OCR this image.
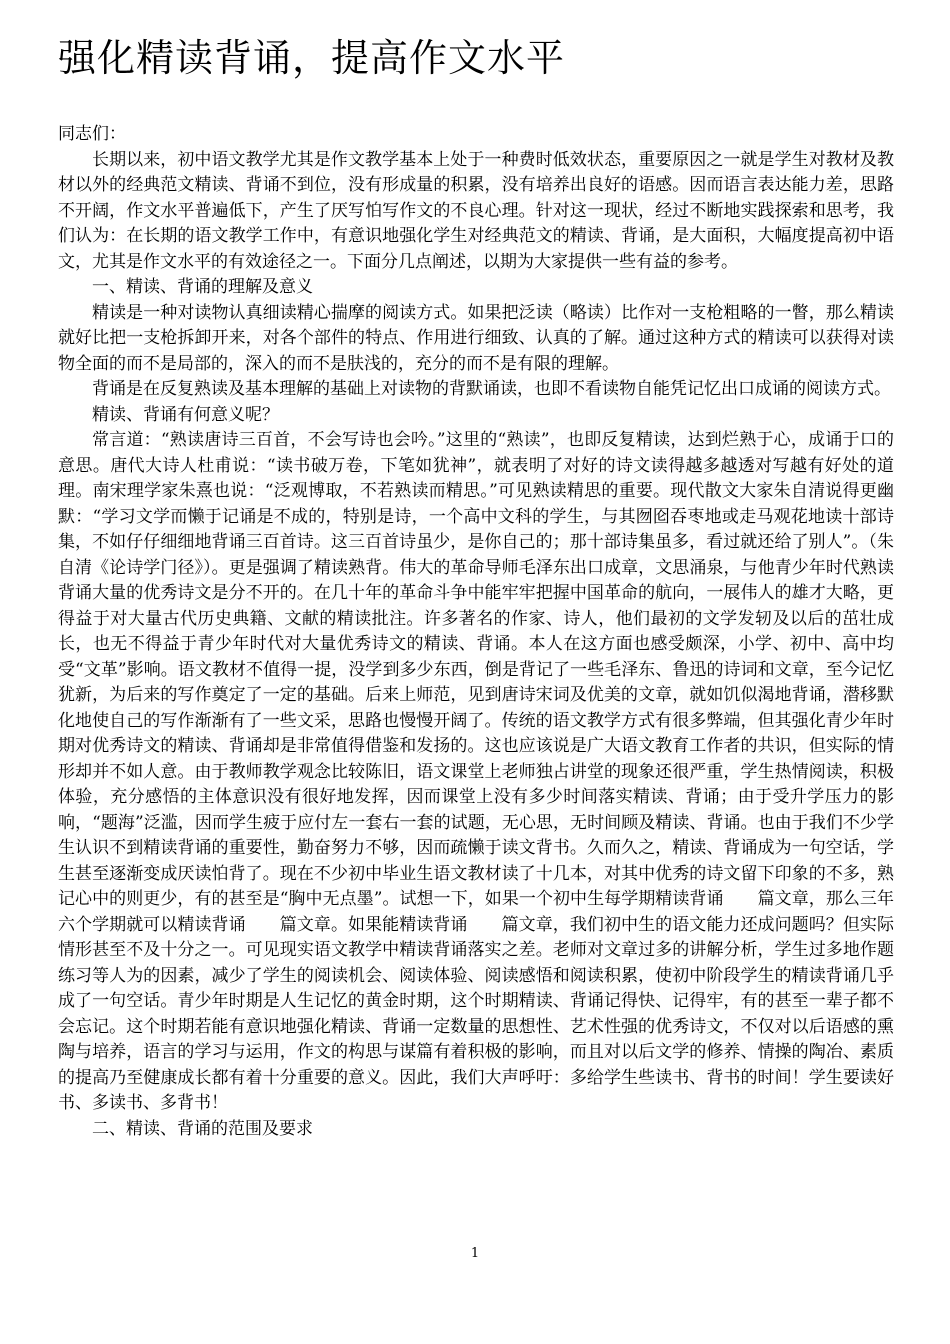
强化精读背诵，提高作文水平

同志们：

长期以来，初中语文教学尤其是作文教学基本上处于一种费时低效状态，重要原因之一就是学生对教材及教材以外的经典范文精读、背诵不到位，没有形成量的积累，没有培养出良好的语感。因而语言表达能力差，思路不开阔，作文水平普遍低下，产生了厌写怕写作文的不良心理。针对这一现状，经过不断地实践探索和思考，我们认为：在长期的语文教学工作中，有意识地强化学生对经典范文的精读、背诵，是大面积，大幅度提高初中语文，尤其是作文水平的有效途径之一。下面分几点阐述，以期为大家提供一些有益的参考。

一、精读、背诵的理解及意义

精读是一种对读物认真细读精心揣摩的阅读方式。如果把泛读（略读）比作对一支枪粗略的一瞥，那么精读就好比把一支枪拆卸开来，对各个部件的特点、作用进行细致、认真的了解。通过这种方式的精读可以获得对读物全面的而不是局部的，深入的而不是肤浅的，充分的而不是有限的理解。

背诵是在反复熟读及基本理解的基础上对读物的背默诵读，也即不看读物自能凭记忆出口成诵的阅读方式。

精读、背诵有何意义呢？

常言道：“熟读唐诗三百首，不会写诗也会吟。”这里的“熟读”，也即反复精读，达到烂熟于心，成诵于口的意思。唐代大诗人杜甫说：“读书破万卷，下笔如犹神”，就表明了对好的诗文读得越多越透对写越有好处的道理。南宋理学家朱熹也说：“泛观博取，不若熟读而精思。”可见熟读精思的重要。现代散文大家朱自清说得更幽默：“学习文学而懒于记诵是不成的，特别是诗，一个高中文科的学生，与其囫囵吞枣地或走马观花地读十部诗集，不如仔仔细细地背诵三百首诗。这三百首诗虽少，是你自己的；那十部诗集虽多，看过就还给了别人”。（朱自清《论诗学门径》）。更是强调了精读熟背。伟大的革命导师毛泽东出口成章，文思涌泉，与他青少年时代熟读背诵大量的优秀诗文是分不开的。在几十年的革命斗争中能牢牢把握中国革命的航向，一展伟人的雄才大略，更得益于对大量古代历史典籍、文献的精读批注。许多著名的作家、诗人，他们最初的文学发轫及以后的茁壮成长，也无不得益于青少年时代对大量优秀诗文的精读、背诵。本人在这方面也感受颇深，小学、初中、高中均受“文革”影响。语文教材不值得一提，没学到多少东西，倒是背记了一些毛泽东、鲁迅的诗词和文章，至今记忆犹新，为后来的写作奠定了一定的基础。后来上师范，见到唐诗宋词及优美的文章，就如饥似渴地背诵，潜移默化地使自己的写作渐渐有了一些文采，思路也慢慢开阔了。传统的语文教学方式有很多弊端，但其强化青少年时期对优秀诗文的精读、背诵却是非常值得借鉴和发扬的。这也应该说是广大语文教育工作者的共识，但实际的情形却并不如人意。由于教师教学观念比较陈旧，语文课堂上老师独占讲堂的现象还很严重，学生热情阅读，积极体验，充分感悟的主体意识没有很好地发挥，因而课堂上没有多少时间落实精读、背诵；由于受升学压力的影响，“题海”泛滥，因而学生疲于应付左一套右一套的试题，无心思，无时间顾及精读、背诵。也由于我们不少学生认识不到精读背诵的重要性，勤奋努力不够，因而疏懒于读文背书。久而久之，精读、背诵成为一句空话，学生甚至逐渐变成厌读怕背了。现在不少初中毕业生语文教材读了十几本，对其中优秀的诗文留下印象的不多，熟记心中的则更少，有的甚至是“胸中无点墨”。试想一下，如果一个初中生每学期精读背诵　　篇文章，那么三年六个学期就可以精读背诵　　篇文章。如果能精读背诵　　篇文章，我们初中生的语文能力还成问题吗？但实际情形甚至不及十分之一。可见现实语文教学中精读背诵落实之差。老师对文章过多的讲解分析，学生过多地作题练习等人为的因素，减少了学生的阅读机会、阅读体验、阅读感悟和阅读积累，使初中阶段学生的精读背诵几乎成了一句空话。青少年时期是人生记忆的黄金时期，这个时期精读、背诵记得快、记得牢，有的甚至一辈子都不会忘记。这个时期若能有意识地强化精读、背诵一定数量的思想性、艺术性强的优秀诗文，不仅对以后语感的熏陶与培养，语言的学习与运用，作文的构思与谋篇有着积极的影响，而且对以后文学的修养、情操的陶冶、素质的提高乃至健康成长都有着十分重要的意义。因此，我们大声呼吁：多给学生些读书、背书的时间！学生要读好书、多读书、多背书！

二、精读、背诵的范围及要求

1
